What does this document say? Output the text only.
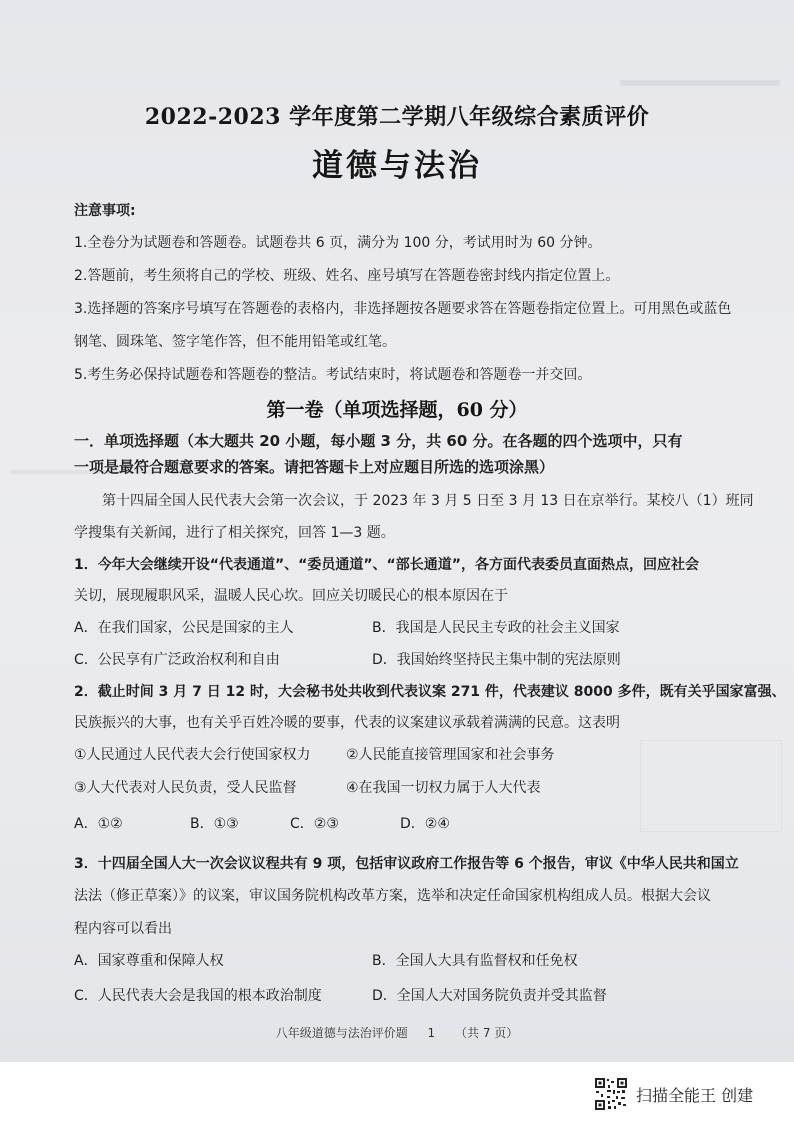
2022-2023 学年度第二学期八年级综合素质评价
道德与法治
注意事项:
1.全卷分为试题卷和答题卷。试题卷共 6 页，满分为 100 分，考试用时为 60 分钟。
2.答题前，考生须将自己的学校、班级、姓名、座号填写在答题卷密封线内指定位置上。
3.选择题的答案序号填写在答题卷的表格内，非选择题按各题要求答在答题卷指定位置上。可用黑色或蓝色
钢笔、圆珠笔、签字笔作答，但不能用铅笔或红笔。
5.考生务必保持试题卷和答题卷的整洁。考试结束时，将试题卷和答题卷一并交回。
第一卷（单项选择题，60 分）
一．单项选择题（本大题共 20 小题，每小题 3 分，共 60 分。在各题的四个选项中，只有
一项是最符合题意要求的答案。请把答题卡上对应题目所选的选项涂黑）
第十四届全国人民代表大会第一次会议，于 2023 年 3 月 5 日至 3 月 13 日在京举行。某校八（1）班同
学搜集有关新闻，进行了相关探究，回答 1—3 题。
1．今年大会继续开设“代表通道”、“委员通道”、“部长通道”，各方面代表委员直面热点，回应社会
关切，展现履职风采，温暖人民心坎。回应关切暖民心的根本原因在于
A．在我们国家，公民是国家的主人	B．我国是人民民主专政的社会主义国家
C．公民享有广泛政治权利和自由	D．我国始终坚持民主集中制的宪法原则
2．截止时间 3 月 7 日 12 时，大会秘书处共收到代表议案 271 件，代表建议 8000 多件，既有关乎国家富强、
民族振兴的大事，也有关乎百姓冷暖的要事，代表的议案建议承载着满满的民意。这表明
①人民通过人民代表大会行使国家权力	②人民能直接管理国家和社会事务
③人大代表对人民负责，受人民监督	④在我国一切权力属于人大代表
A．①②	B．①③	C．②③	D．②④
3．十四届全国人大一次会议议程共有 9 项，包括审议政府工作报告等 6 个报告，审议《中华人民共和国立
法法（修正草案）》的议案，审议国务院机构改革方案，选举和决定任命国家机构组成人员。根据大会议
程内容可以看出
A．国家尊重和保障人权	B．全国人大具有监督权和任免权
C．人民代表大会是我国的根本政治制度	D．全国人大对国务院负责并受其监督
八年级道德与法治评价题 1 （共 7 页）
扫描全能王 创建
